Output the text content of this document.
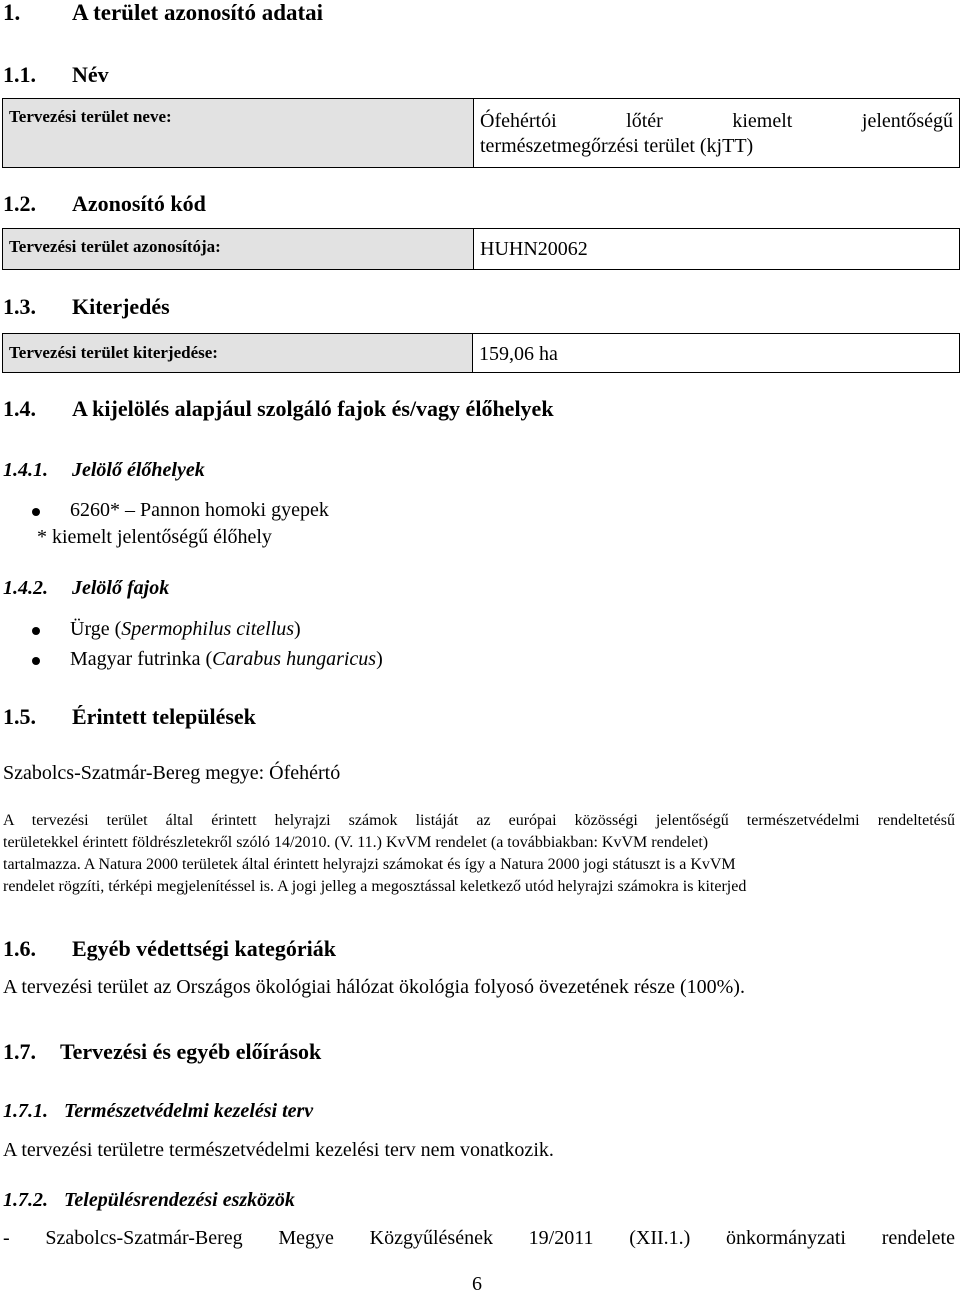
1. A terület azonosító adatai
1.1. Név
Tervezési terület neve:	Ófehértói lőtér kiemelt jelentőségű
természetmegőrzési terület (kjTT)
1.2. Azonosító kód
Tervezési terület azonosítója:	HUHN20062
1.3. Kiterjedés
Tervezési terület kiterjedése:	159,06 ha
1.4. A kijelölés alapjául szolgáló fajok és/vagy élőhelyek
1.4.1. Jelölő élőhelyek
6260* – Pannon homoki gyepek
* kiemelt jelentőségű élőhely
1.4.2. Jelölő fajok
Ürge (Spermophilus citellus)
Magyar futrinka (Carabus hungaricus)
1.5. Érintett települések
Szabolcs-Szatmár-Bereg megye: Ófehértó
A tervezési terület által érintett helyrajzi számok listáját az európai közösségi jelentőségű természetvédelmi rendeltetésű
területekkel érintett földrészletekről szóló 14/2010. (V. 11.) KvVM rendelet (a továbbiakban: KvVM rendelet)
tartalmazza. A Natura 2000 területek által érintett helyrajzi számokat és így a Natura 2000 jogi státuszt is a KvVM
rendelet rögzíti, térképi megjelenítéssel is. A jogi jelleg a megosztással keletkező utód helyrajzi számokra is kiterjed
1.6. Egyéb védettségi kategóriák
A tervezési terület az Országos ökológiai hálózat ökológia folyosó övezetének része (100%).
1.7. Tervezési és egyéb előírások
1.7.1. Természetvédelmi kezelési terv
A tervezési területre természetvédelmi kezelési terv nem vonatkozik.
1.7.2. Településrendezési eszközök
- Szabolcs-Szatmár-Bereg Megye Közgyűlésének 19/2011 (XII.1.) önkormányzati rendelete
6
